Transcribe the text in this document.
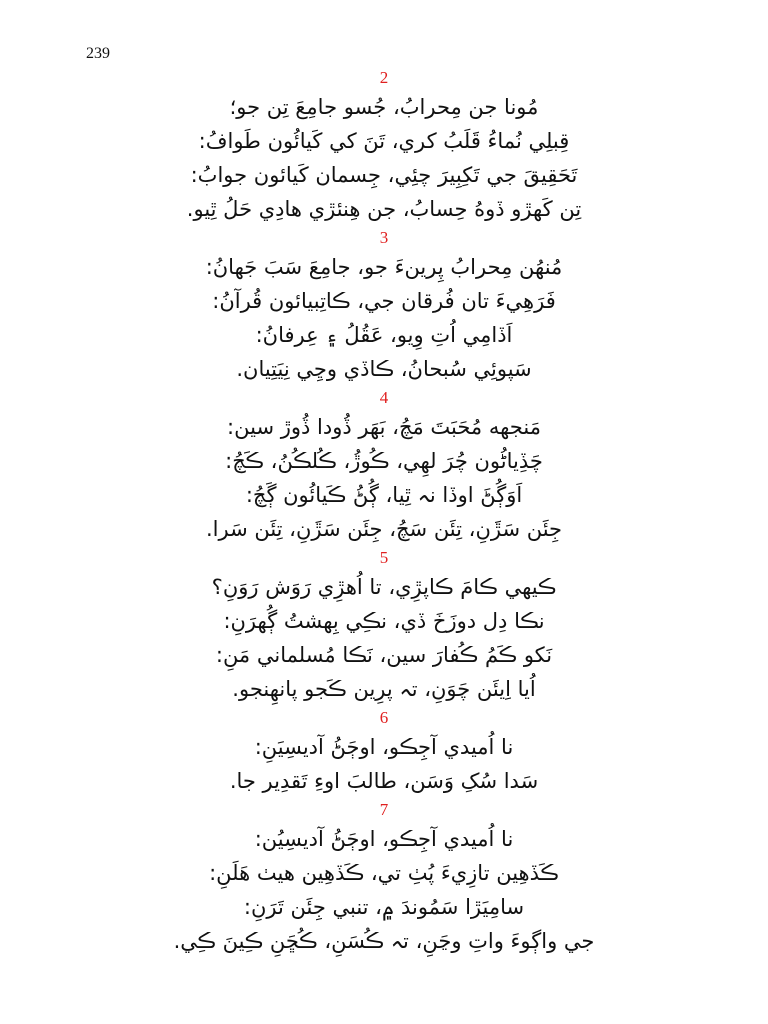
239
2
مُونا جن مِحرابُ، جُسو جامِعَ تِن جو؛
قِبلِي نُماءُ قَلَبُ كري، تَنَ كي كَيائُون طَوافُ:
تَحَقِيقَ جي تَكِبِيرَ چئِي، جِسمان كَيائون جوابُ:
تِن كَهڙو ڏوهُ حِسابُ، جن هِنئڙي هادِي حَلُ ٿِيو.
3
مُنهُن مِحرابُ پِرينءَ جو، جامِعَ سَبَ جَهانُ:
فَرَهِيءَ تان فُرقان جي، ڪاتِبيائون قُرآنُ:
اَڏامِي اُتِ وِيو، عَقُلُ ۽ عِرفانُ:
سَپوئِي سُبحانُ، ڪاڏي وڃِي نِيَتِيان.
4
مَنجهه مُحَبَتَ مَچُ، بَهَر ڏُودا ڏُوڙ سين:
چَڏِياڻُون چُرَ لهِي، ڪُوڙُ، ڪُلڪُنُ، ڪَچُ:
اَوَڳُڻَ اوڏا نہ ٿِيا، ڳُڻُ ڪَيائُون ڳَچُ:
جِئَن سَڙَنِ، تِئَن سَچُ، جِئَن سَڙَنِ، تِئَن سَرا.
5
ڪيهي ڪامَ ڪاپڙِي، تا اُهڙِي رَوَش رَوَنِ؟
نڪا دِل دوزَخَ ڏي، نڪِي بِهشتُ ڳُهرَنِ:
نَکو ڪَمُ ڪُفارَ سين، نَڪا مُسلماني مَنِ:
اُيا اِيئَن چَوَنِ، تہ پرِين ڪَجو پانهِنجو.
6
نا اُميدي آجِڪو، اوڄَڻُ آديسِيَنِ:
سَدا سُکِ وَسَن، طالبَ اوءِ تَقدِير جا.
7
نا اُميدي آجِڪو، اوڄَڻُ آديسِيُن:
ڪَڏهِين تازِيءَ پُٺِ تي، ڪَڏهِين هيٺ هَلَنِ:
سامِيَڙا سَمُوندَ ۾، تنبي جِئَن تَرَنِ:
جي واڳوءَ واتِ وڃَنِ، تہ ڪُسَنِ، ڪُڇَنِ ڪِينَ ڪِي.
